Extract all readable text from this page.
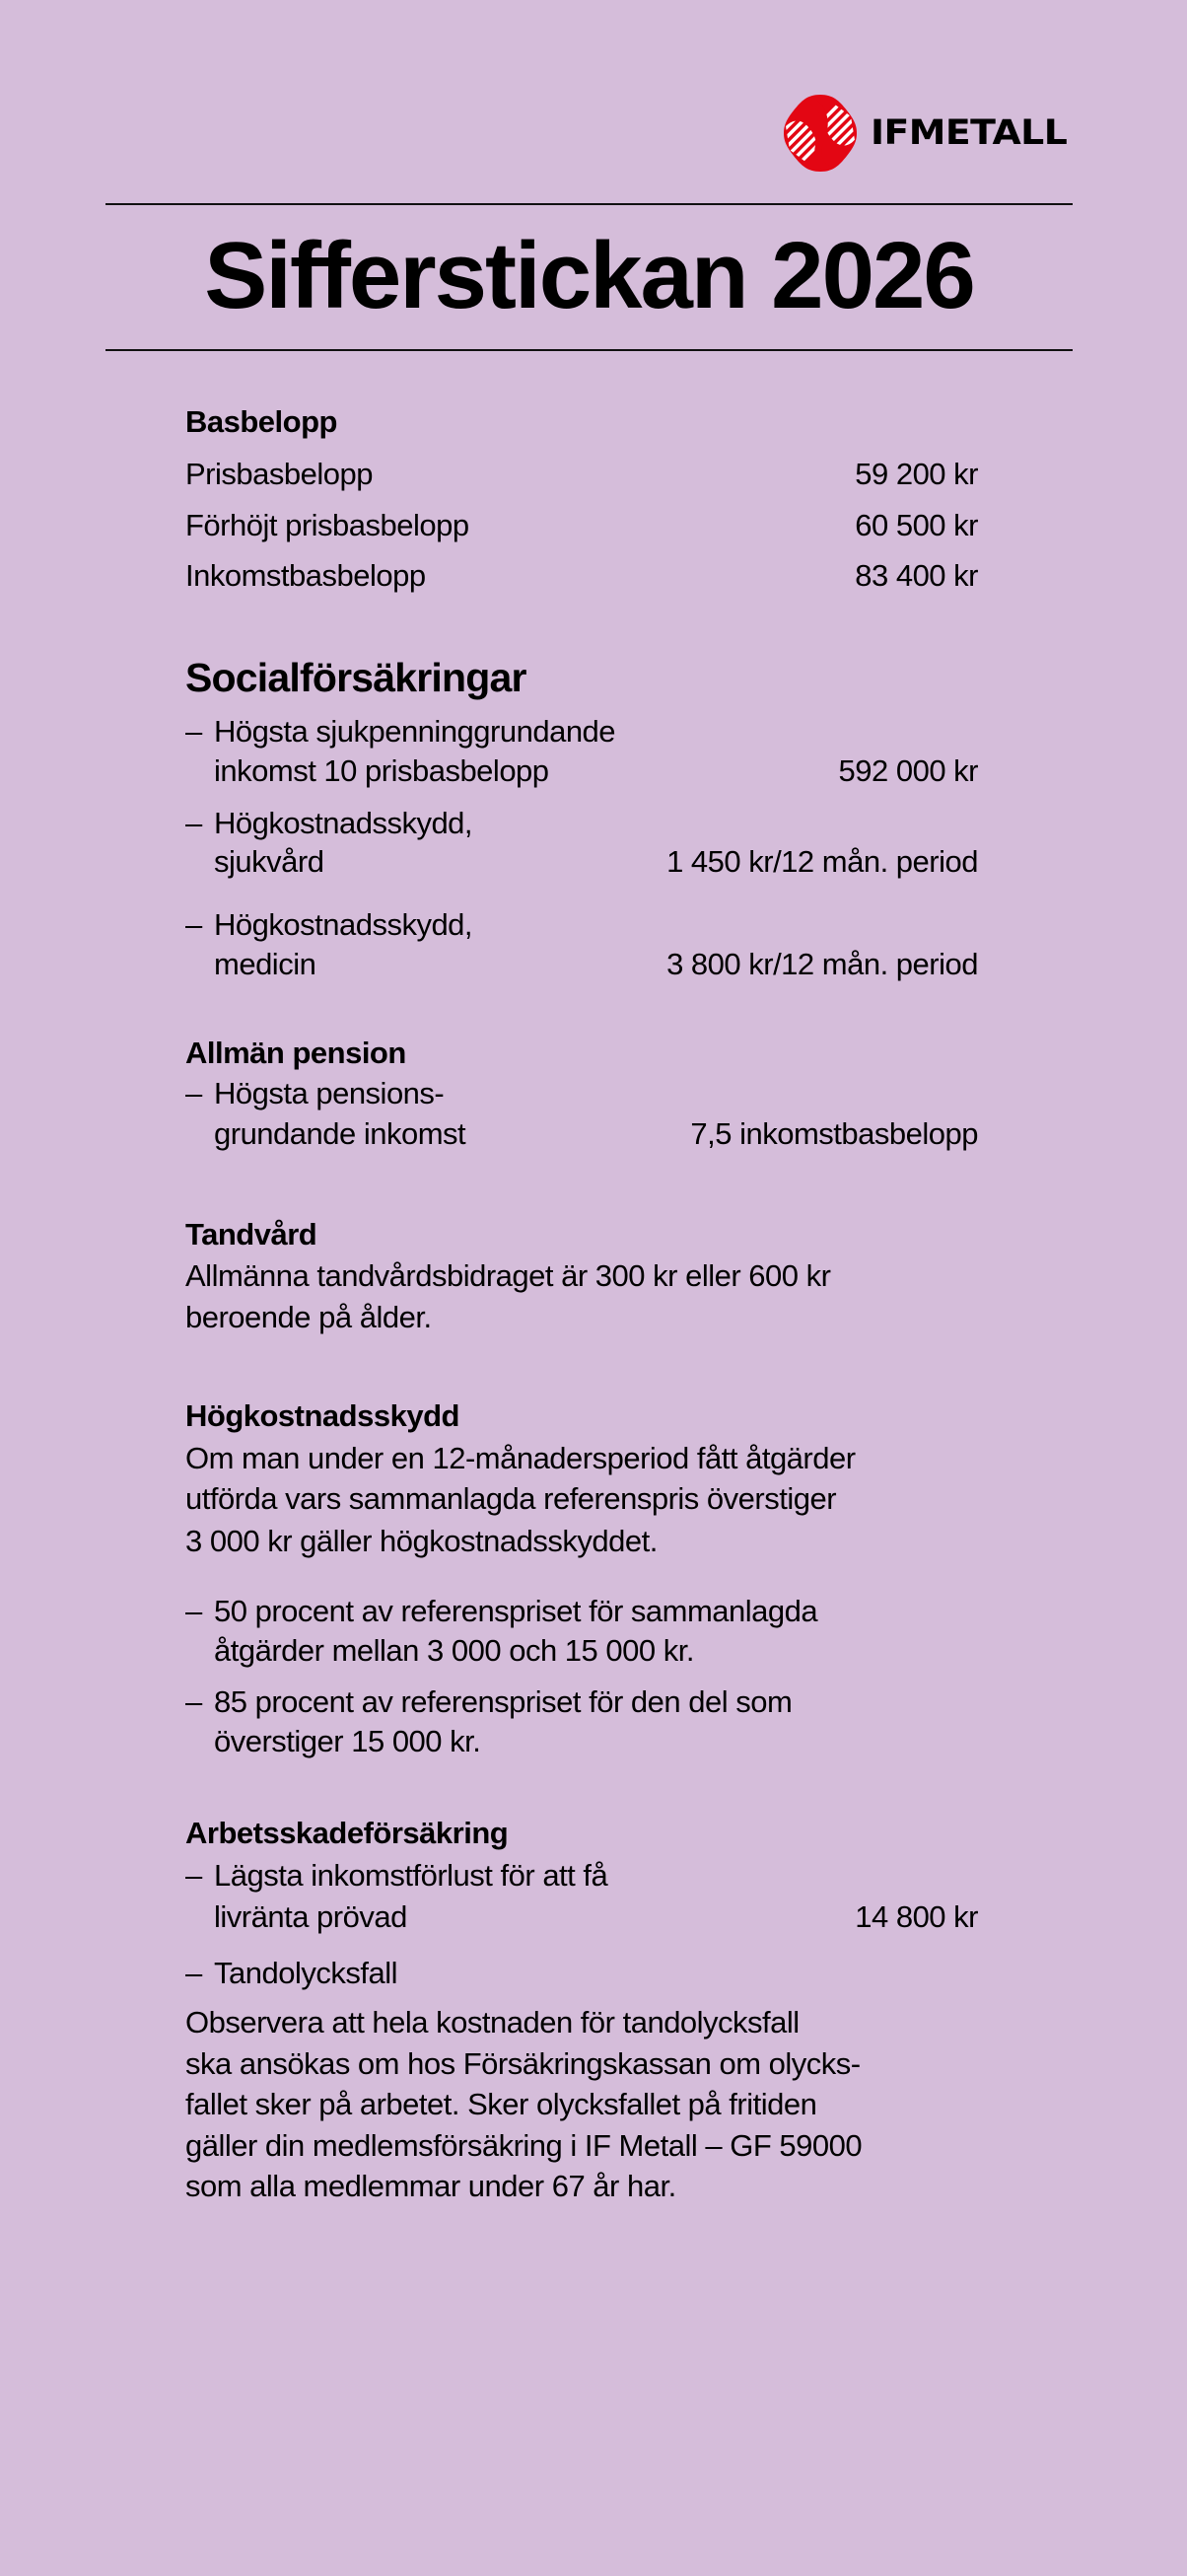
IFMETALL
Sifferstickan 2026
Basbelopp
Prisbasbelopp	59 200 kr
Förhöjt prisbasbelopp	60 500 kr
Inkomstbasbelopp	83 400 kr
Socialförsäkringar
– Högsta sjukpenninggrundande
inkomst 10 prisbasbelopp	592 000 kr
– Högkostnadsskydd,
sjukvård	1 450 kr/12 mån. period
– Högkostnadsskydd,
medicin	3 800 kr/12 mån. period
Allmän pension
– Högsta pensions-
grundande inkomst	7,5 inkomstbasbelopp
Tandvård
Allmänna tandvårdsbidraget är 300 kr eller 600 kr
beroende på ålder.
Högkostnadsskydd
Om man under en 12-månadersperiod fått åtgärder
utförda vars sammanlagda referenspris överstiger
3 000 kr gäller högkostnadsskyddet.
– 50 procent av referenspriset för sammanlagda
åtgärder mellan 3 000 och 15 000 kr.
– 85 procent av referenspriset för den del som
överstiger 15 000 kr.
Arbetsskadeförsäkring
– Lägsta inkomstförlust för att få
livränta prövad	14 800 kr
– Tandolycksfall
Observera att hela kostnaden för tandolycksfall
ska ansökas om hos Försäkringskassan om olycks-
fallet sker på arbetet. Sker olycksfallet på fritiden
gäller din medlemsförsäkring i IF Metall – GF 59000
som alla medlemmar under 67 år har.
